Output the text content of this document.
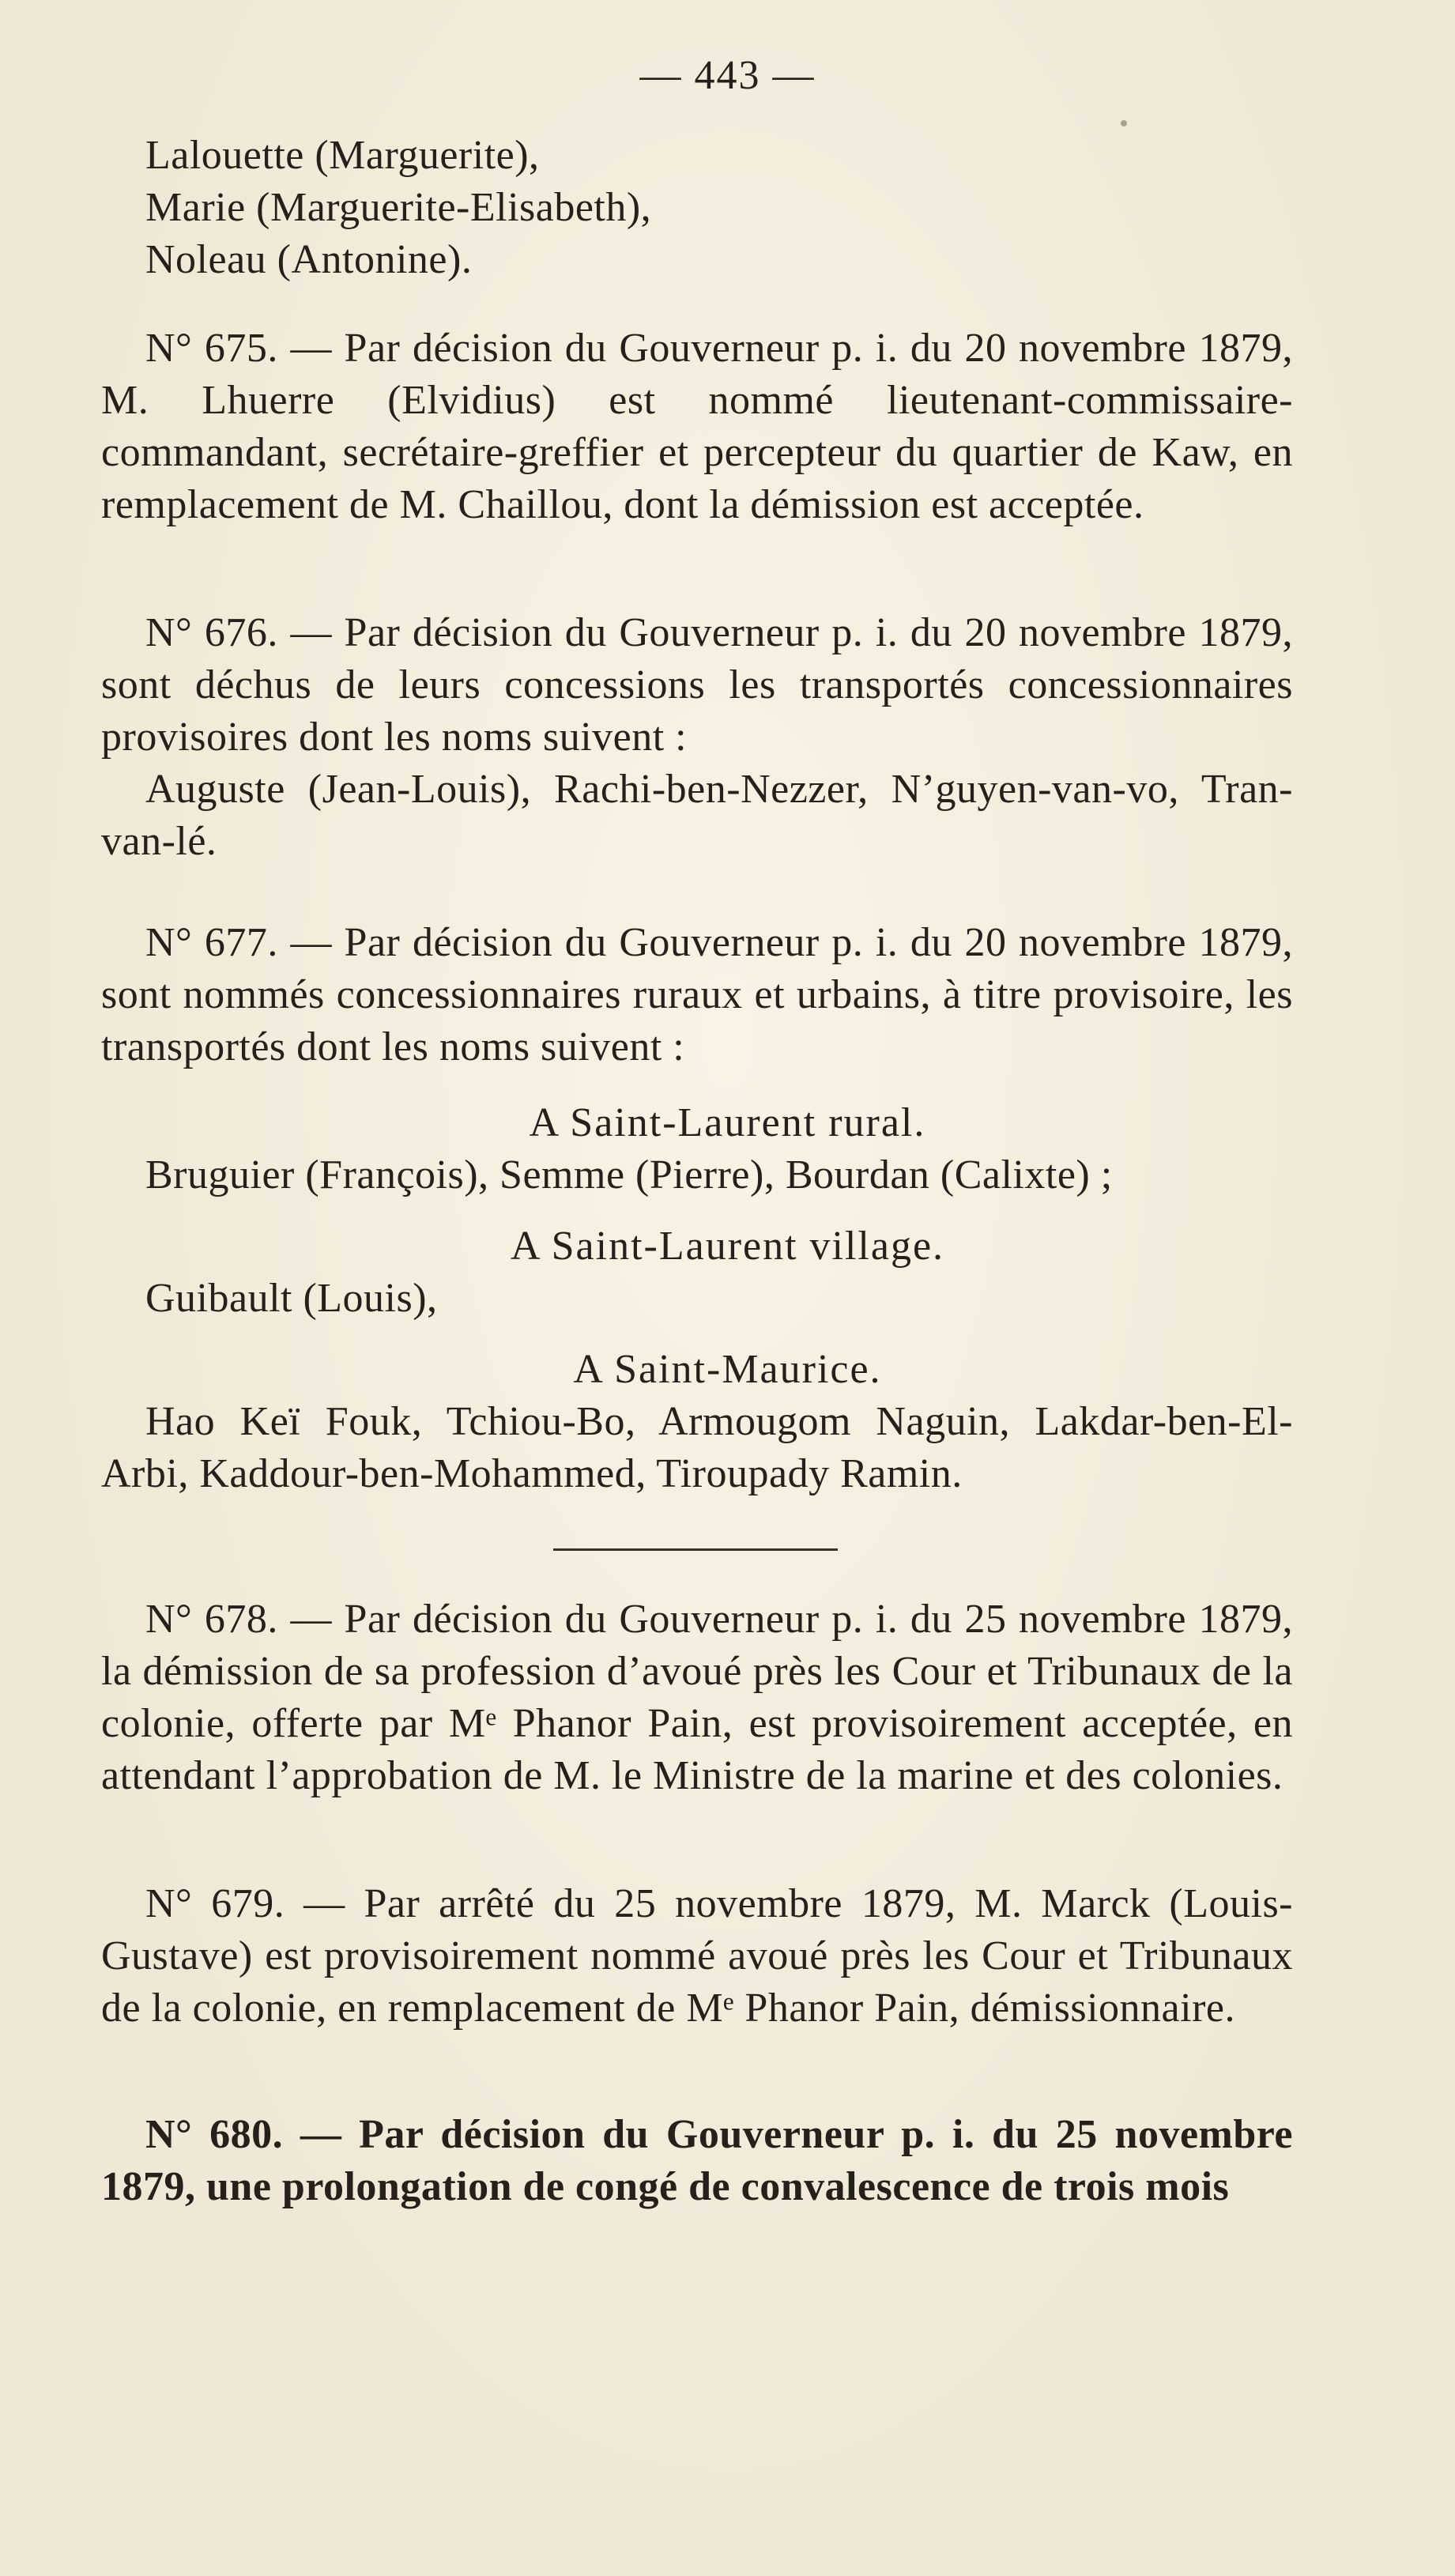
— 443 —
Lalouette (Marguerite),
Marie (Marguerite-Elisabeth),
Noleau (Antonine).
N° 675. — Par décision du Gouverneur p. i. du 20 novembre 1879, M. Lhuerre (Elvidius) est nommé lieutenant-commissaire-commandant, secrétaire-greffier et percepteur du quartier de Kaw, en remplacement de M. Chaillou, dont la démission est acceptée.
N° 676. — Par décision du Gouverneur p. i. du 20 novembre 1879, sont déchus de leurs concessions les transportés concessionnaires provisoires dont les noms suivent :
Auguste (Jean-Louis), Rachi-ben-Nezzer, N’guyen-van-vo, Tran-van-lé.
N° 677. — Par décision du Gouverneur p. i. du 20 novembre 1879, sont nommés concessionnaires ruraux et urbains, à titre provisoire, les transportés dont les noms suivent :
A Saint-Laurent rural.
Bruguier (François), Semme (Pierre), Bourdan (Calixte) ;
A Saint-Laurent village.
Guibault (Louis),
A Saint-Maurice.
Hao Keï Fouk, Tchiou-Bo, Armougom Naguin, Lakdar-ben-El-Arbi, Kaddour-ben-Mohammed, Tiroupady Ramin.
N° 678. — Par décision du Gouverneur p. i. du 25 novembre 1879, la démission de sa profession d’avoué près les Cour et Tribunaux de la colonie, offerte par Mᵉ Phanor Pain, est provisoirement acceptée, en attendant l’approbation de M. le Ministre de la marine et des colonies.
N° 679. — Par arrêté du 25 novembre 1879, M. Marck (Louis-Gustave) est provisoirement nommé avoué près les Cour et Tribunaux de la colonie, en remplacement de Mᵉ Phanor Pain, démissionnaire.
N° 680. — Par décision du Gouverneur p. i. du 25 novembre 1879, une prolongation de congé de convalescence de trois mois
